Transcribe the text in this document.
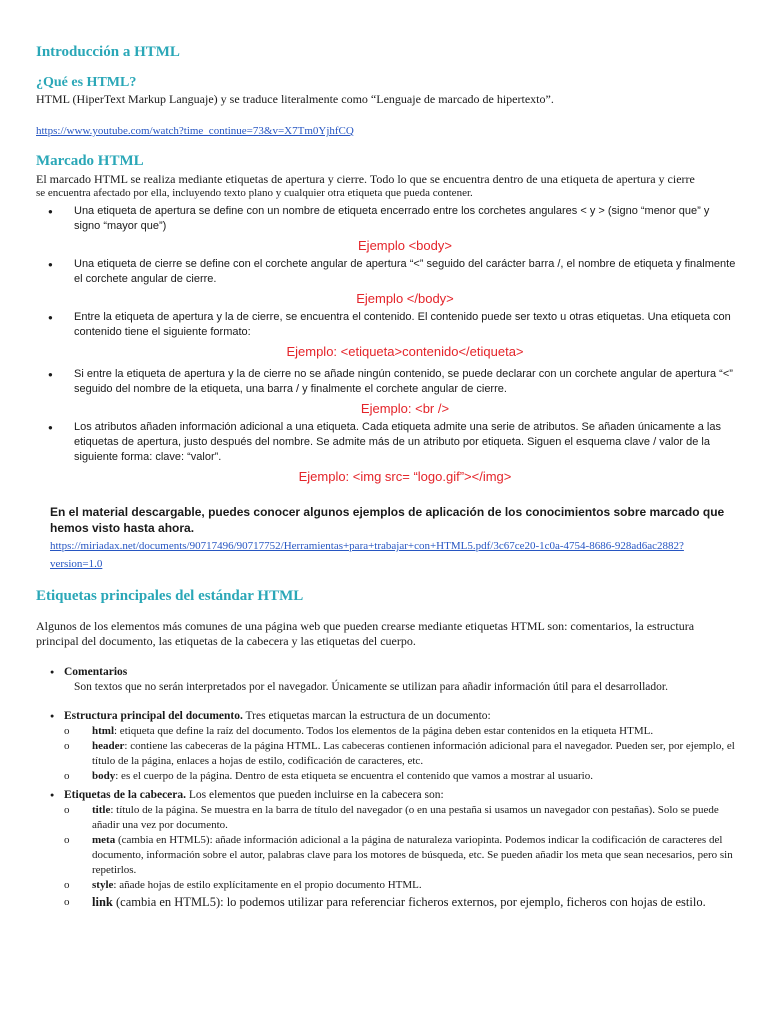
Introducción a HTML
¿Qué es HTML?

HTML (HiperText Markup Languaje) y se traduce literalmente como “Lenguaje de marcado de hipertexto”.

https://www.youtube.com/watch?time_continue=73&v=X7Tm0YjhfCQ
Marcado HTML

El marcado HTML se realiza mediante etiquetas de apertura y cierre. Todo lo que se encuentra dentro de una etiqueta de apertura y cierre

se encuentra afectado por ella, incluyendo texto plano y cualquier otra etiqueta que pueda contener.

● Una etiqueta de apertura se define con un nombre de etiqueta encerrado entre los corchetes angulares < y > (signo “menor que” y signo “mayor que”)
Ejemplo <body>
● Una etiqueta de cierre se define con el corchete angular de apertura “<” seguido del carácter barra /, el nombre de etiqueta y finalmente el corchete angular de cierre.
Ejemplo </body>
● Entre la etiqueta de apertura y la de cierre, se encuentra el contenido. El contenido puede ser texto u otras etiquetas. Una etiqueta con contenido tiene el siguiente formato:
Ejemplo: <etiqueta>contenido</etiqueta>
● Si entre la etiqueta de apertura y la de cierre no se añade ningún contenido, se puede declarar con un corchete angular de apertura “<” seguido del nombre de la etiqueta, una barra / y finalmente el corchete angular de cierre.
Ejemplo: <br />
● Los atributos añaden información adicional a una etiqueta. Cada etiqueta admite una serie de atributos. Se añaden únicamente a las etiquetas de apertura, justo después del nombre. Se admite más de un atributo por etiqueta. Siguen el esquema clave / valor de la siguiente forma: clave: “valor”.
Ejemplo: <img src= “logo.gif”></img>

En el material descargable, puedes conocer algunos ejemplos de aplicación de los conocimientos sobre marcado que hemos visto hasta ahora.

https://miriadax.net/documents/90717496/90717752/Herramientas+para+trabajar+con+HTML5.pdf/3c67ce20-1c0a-4754-8686-928ad6ac2882?version=1.0
Etiquetas principales del estándar HTML

Algunos de los elementos más comunes de una página web que pueden crearse mediante etiquetas HTML son: comentarios, la estructura principal del documento, las etiquetas de la cabecera y las etiquetas del cuerpo.

● Comentarios
Son textos que no serán interpretados por el navegador. Únicamente se utilizan para añadir información útil para el desarrollador.
● Estructura principal del documento. Tres etiquetas marcan la estructura de un documento:
o html: etiqueta que define la raíz del documento. Todos los elementos de la página deben estar contenidos en la etiqueta HTML.
o header: contiene las cabeceras de la página HTML. Las cabeceras contienen información adicional para el navegador. Pueden ser, por ejemplo, el título de la página, enlaces a hojas de estilo, codificación de caracteres, etc.
o body: es el cuerpo de la página. Dentro de esta etiqueta se encuentra el contenido que vamos a mostrar al usuario.
● Etiquetas de la cabecera. Los elementos que pueden incluirse en la cabecera son:
o title: título de la página. Se muestra en la barra de título del navegador (o en una pestaña si usamos un navegador con pestañas). Solo se puede añadir una vez por documento.
o meta (cambia en HTML5): añade información adicional a la página de naturaleza variopinta. Podemos indicar la codificación de caracteres del documento, información sobre el autor, palabras clave para los motores de búsqueda, etc. Se pueden añadir los meta que sean necesarios, pero sin repetirlos.
o style: añade hojas de estilo explícitamente en el propio documento HTML.
o link (cambia en HTML5): lo podemos utilizar para referenciar ficheros externos, por ejemplo, ficheros con hojas de estilo.
